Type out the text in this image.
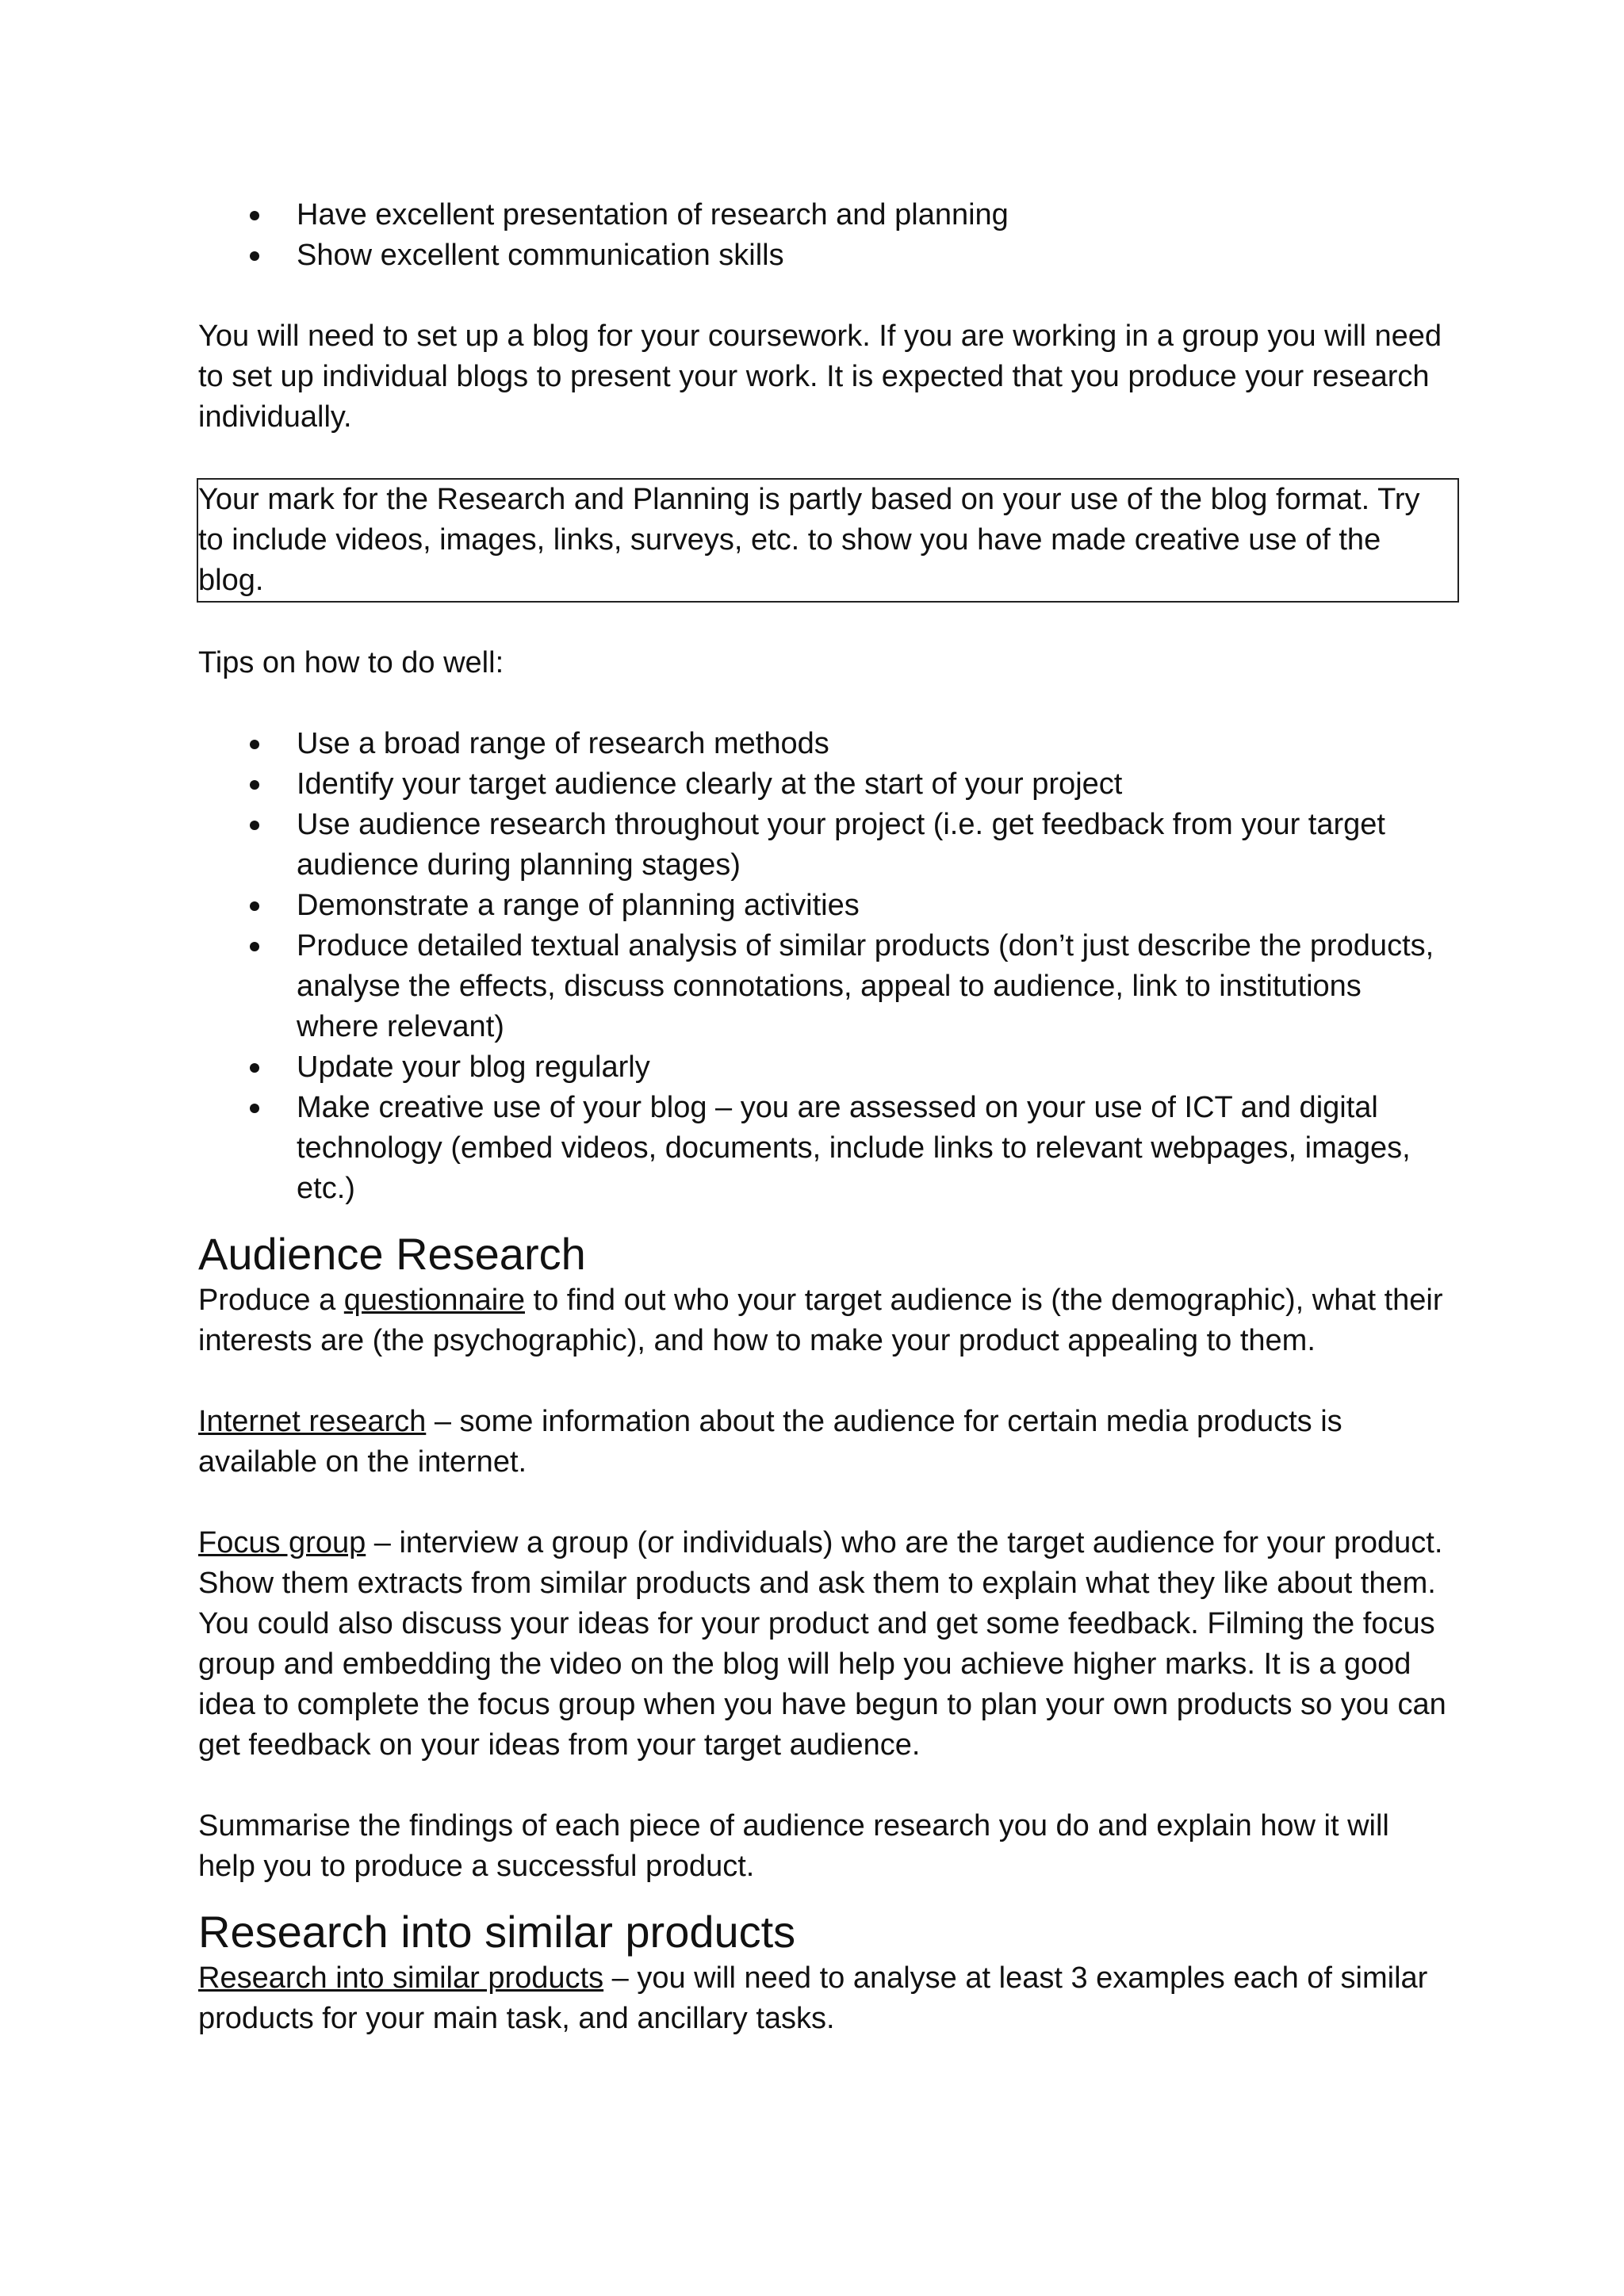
Have excellent presentation of research and planning
Show excellent communication skills

You will need to set up a blog for your coursework. If you are working in a group you will need to set up individual blogs to present your work. It is expected that you produce your research individually.

Your mark for the Research and Planning is partly based on your use of the blog format. Try to include videos, images, links, surveys, etc. to show you have made creative use of the blog.

Tips on how to do well:

Use a broad range of research methods
Identify your target audience clearly at the start of your project
Use audience research throughout your project (i.e. get feedback from your target audience during planning stages)
Demonstrate a range of planning activities
Produce detailed textual analysis of similar products (don’t just describe the products, analyse the effects, discuss connotations, appeal to audience, link to institutions where relevant)
Update your blog regularly
Make creative use of your blog – you are assessed on your use of ICT and digital technology (embed videos, documents, include links to relevant webpages, images, etc.)
Audience Research

Produce a questionnaire to find out who your target audience is (the demographic), what their interests are (the psychographic), and how to make your product appealing to them.

Internet research – some information about the audience for certain media products is available on the internet.

Focus group – interview a group (or individuals) who are the target audience for your product. Show them extracts from similar products and ask them to explain what they like about them. You could also discuss your ideas for your product and get some feedback. Filming the focus group and embedding the video on the blog will help you achieve higher marks. It is a good idea to complete the focus group when you have begun to plan your own products so you can get feedback on your ideas from your target audience.

Summarise the findings of each piece of audience research you do and explain how it will help you to produce a successful product.

Research into similar products

Research into similar products – you will need to analyse at least 3 examples each of similar products for your main task, and ancillary tasks.
